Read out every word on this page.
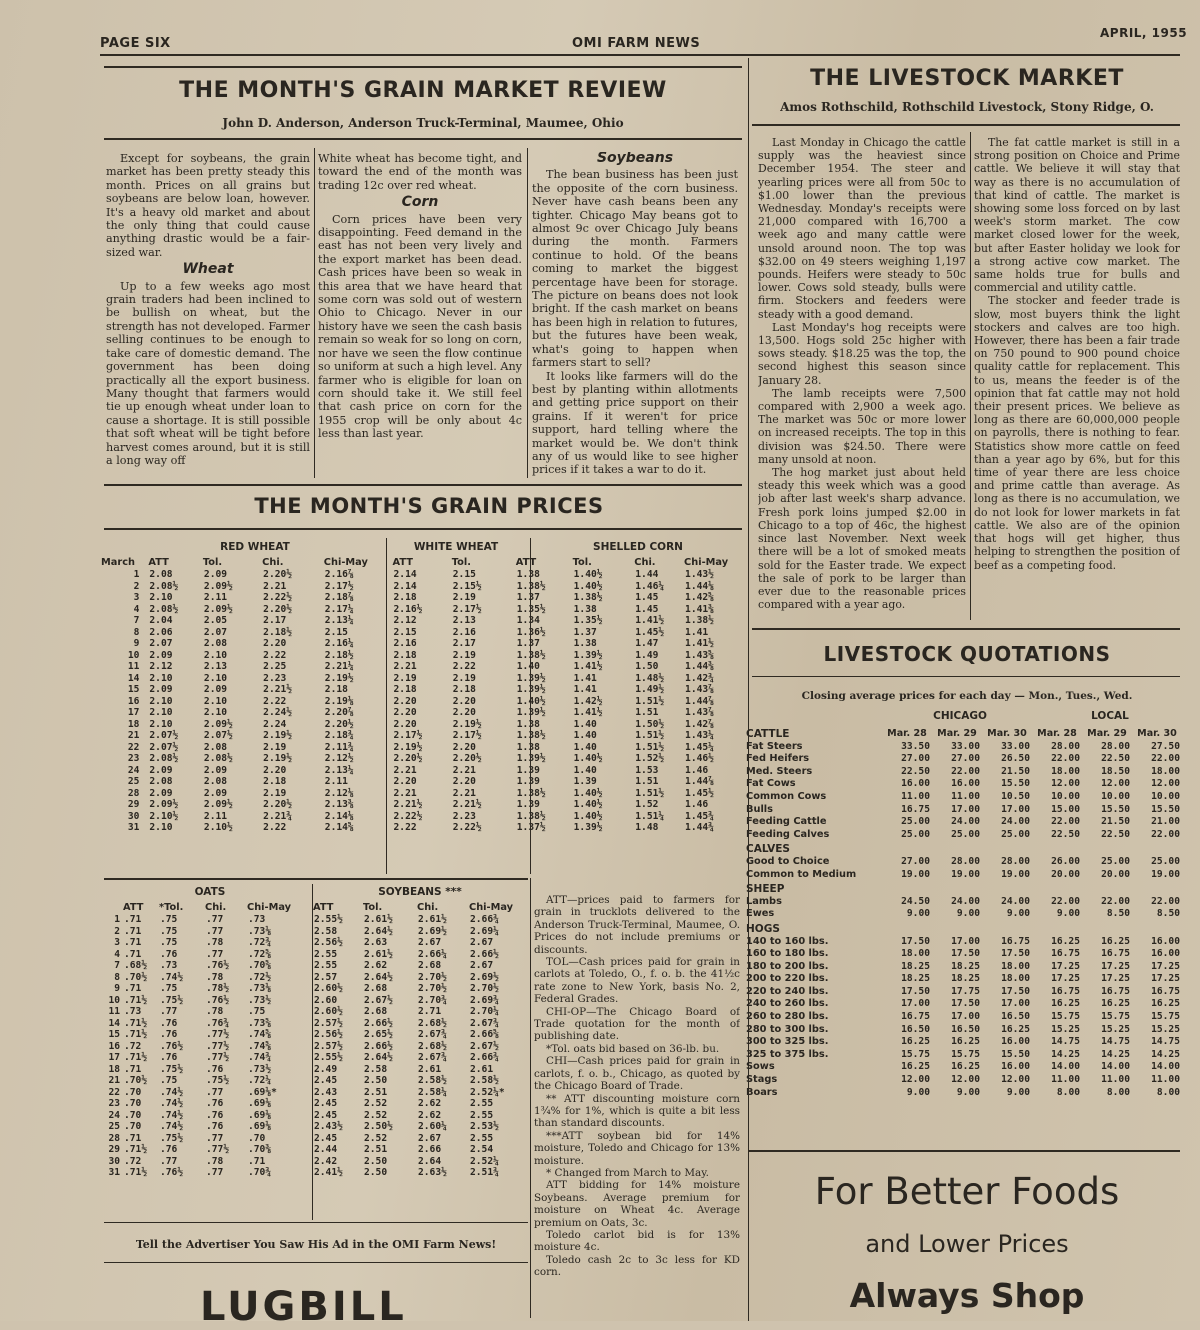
PAGE SIX	OMI FARM NEWS
APRIL, 1955
THE MONTH'S GRAIN MARKET REVIEW
John D. Anderson, Anderson Truck-Terminal, Maumee, Ohio

Except for soybeans, the grain market has been pretty steady this month. Prices on all grains but soybeans are below loan, however. It's a heavy old market and about the only thing that could cause anything drastic would be a fair-sized war.

Wheat

Up to a few weeks ago most grain traders had been inclined to be bullish on wheat, but the strength has not developed. Farmer selling continues to be enough to take care of domestic demand. The government has been doing practically all the export business. Many thought that farmers would tie up enough wheat under loan to cause a shortage. It is still possible that soft wheat will be tight before harvest comes around, but it is still a long way off

White wheat has become tight, and toward the end of the month was trading 12c over red wheat.

Corn

Corn prices have been very disappointing. Feed demand in the east has not been very lively and the export market has been dead. Cash prices have been so weak in this area that we have heard that some corn was sold out of western Ohio to Chicago. Never in our history have we seen the cash basis remain so weak for so long on corn, nor have we seen the flow continue so uniform at such a high level. Any farmer who is eligible for loan on corn should take it. We still feel that cash price on corn for the 1955 crop will be only about 4c less than last year.

Soybeans

The bean business has been just the opposite of the corn business. Never have cash beans been any tighter. Chicago May beans got to almost 9c over Chicago July beans during the month. Farmers continue to hold. Of the beans coming to market the biggest percentage have been for storage. The picture on beans does not look bright. If the cash market on beans has been high in relation to futures, but the futures have been weak, what's going to happen when farmers start to sell?

It looks like farmers will do the best by planting within allotments and getting price support on their grains. If it weren't for price support, hard telling where the market would be. We don't think any of us would like to see higher prices if it takes a war to do it.

THE MONTH'S GRAIN PRICES
RED WHEAT	WHITE WHEAT	SHELLED CORN
March	ATT	Tol.	Chi.	Chi-May	ATT	Tol.	ATT	Tol.	Chi.	Chi-May
1	2.08	2.09	2.20½	2.16⅞	2.14	2.15	1.38	1.40½	1.44	1.43½
2	2.08½	2.09½	2.21	2.17½	2.14	2.15½	1.38½	1.40½	1.46¼	1.44⅛
3	2.10	2.11	2.22½	2.18⅞	2.18	2.19	1.37	1.38½	1.45	1.42⅝
4	2.08½	2.09½	2.20½	2.17¼	2.16½	2.17½	1.35½	1.38	1.45	1.41⅜
7	2.04	2.05	2.17	2.13¼	2.12	2.13	1.34	1.35½	1.41½	1.38½
8	2.06	2.07	2.18½	2.15	2.15	2.16	1.36½	1.37	1.45½	1.41
9	2.07	2.08	2.20	2.16¼	2.16	2.17	1.37	1.38	1.47	1.41½
10	2.09	2.10	2.22	2.18½	2.18	2.19	1.38½	1.39½	1.49	1.43⅝
11	2.12	2.13	2.25	2.21¼	2.21	2.22	1.40	1.41½	1.50	1.44⅜
14	2.10	2.10	2.23	2.19½	2.19	2.19	1.39½	1.41	1.48½	1.42¾
15	2.09	2.09	2.21½	2.18	2.18	2.18	1.39½	1.41	1.49½	1.43⅞
16	2.10	2.10	2.22	2.19⅛	2.20	2.20	1.40½	1.42½	1.51½	1.44⅞
17	2.10	2.10	2.24½	2.20⅞	2.20	2.20	1.39½	1.41½	1.51	1.43⅞
18	2.10	2.09½	2.24	2.20½	2.20	2.19½	1.38	1.40	1.50½	1.42⅞
21	2.07½	2.07½	2.19½	2.18¾	2.17½	2.17½	1.38½	1.40	1.51½	1.43¼
22	2.07½	2.08	2.19	2.11¾	2.19½	2.20	1.38	1.40	1.51½	1.45¼
23	2.08½	2.08½	2.19½	2.12½	2.20½	2.20½	1.39½	1.40½	1.52½	1.46½
24	2.09	2.09	2.20	2.13¼	2.21	2.21	1.39	1.40	1.53	1.46
25	2.08	2.08	2.18	2.11	2.20	2.20	1.39	1.39	1.51	1.44⅞
28	2.09	2.09	2.19	2.12⅛	2.21	2.21	1.38½	1.40½	1.51½	1.45½
29	2.09½	2.09½	2.20½	2.13⅜	2.21½	2.21½	1.39	1.40½	1.52	1.46
30	2.10½	2.11	2.21¾	2.14⅛	2.22½	2.23	1.38½	1.40½	1.51¼	1.45¾
31	2.10	2.10½	2.22	2.14⅝	2.22	2.22½	1.37½	1.39½	1.48	1.44¾
OATS	SOYBEANS ***
	ATT	*Tol.	Chi.	Chi-May	ATT	Tol.	Chi.	Chi-May
1	.71	.75	.77	.73	2.55½	2.61½	2.61½	2.66¾
2	.71	.75	.77	.73⅛	2.58	2.64½	2.69½	2.69¼
3	.71	.75	.78	.72¾	2.56½	2.63	2.67	2.67
4	.71	.76	.77	.72⅝	2.55	2.61½	2.66¼	2.66½
7	.68½	.73	.76½	.70⅝	2.55	2.62	2.68	2.67
8	.70½	.74½	.78	.72½	2.57	2.64½	2.70½	2.69½
9	.71	.75	.78½	.73⅛	2.60½	2.68	2.70½	2.70½
10	.71½	.75½	.76½	.73½	2.60	2.67½	2.70¾	2.69¾
11	.73	.77	.78	.75	2.60½	2.68	2.71	2.70¼
14	.71½	.76	.76¾	.73⅝	2.57½	2.66½	2.68½	2.67¾
15	.71½	.76	.77½	.74⅝	2.56½	2.65½	2.67¾	2.66⅝
16	.72	.76½	.77½	.74⅝	2.57½	2.66½	2.68½	2.67½
17	.71½	.76	.77½	.74¾	2.55½	2.64½	2.67¾	2.66¾
18	.71	.75½	.76	.73½	2.49	2.58	2.61	2.61
21	.70½	.75	.75½	.72¼	2.45	2.50	2.58½	2.58½
22	.70	.74½	.77	.69⅛*	2.43	2.51	2.58¼	2.52¼*
23	.70	.74½	.76	.69⅛	2.45	2.52	2.62	2.55
24	.70	.74½	.76	.69⅛	2.45	2.52	2.62	2.55
25	.70	.74½	.76	.69⅛	2.43½	2.50½	2.60¼	2.53½
28	.71	.75½	.77	.70	2.45	2.52	2.67	2.55
29	.71½	.76	.77½	.70⅜	2.44	2.51	2.66	2.54
30	.72	.77	.78	.71	2.42	2.50	2.64	2.52¼
31	.71½	.76½	.77	.70¾	2.41½	2.50	2.63½	2.51¾
Tell the Advertiser You Saw His Ad in the OMI Farm News!
LUGBILL

ATT—prices paid to farmers for grain in trucklots delivered to the Anderson Truck-Terminal, Maumee, O. Prices do not include premiums or discounts.

TOL—Cash prices paid for grain in carlots at Toledo, O., f. o. b. the 41½c rate zone to New York, basis No. 2, Federal Grades.

CHI-OP—The Chicago Board of Trade quotation for the month of publishing date.

*Tol. oats bid based on 36-lb. bu.

CHI—Cash prices paid for grain in carlots, f. o. b., Chicago, as quoted by the Chicago Board of Trade.

** ATT discounting moisture corn 1¾% for 1%, which is quite a bit less than standard discounts.

***ATT soybean bid for 14% moisture, Toledo and Chicago for 13% moisture.

* Changed from March to May.

ATT bidding for 14% moisture Soybeans. Average premium for moisture on Wheat 4c. Average premium on Oats, 3c.

Toledo carlot bid is for 13% moisture 4c.

Toledo cash 2c to 3c less for KD corn.

THE LIVESTOCK MARKET
Amos Rothschild, Rothschild Livestock, Stony Ridge, O.

Last Monday in Chicago the cattle supply was the heaviest since December 1954. The steer and yearling prices were all from 50c to $1.00 lower than the previous Wednesday. Monday's receipts were 21,000 compared with 16,700 a week ago and many cattle were unsold around noon. The top was $32.00 on 49 steers weighing 1,197 pounds. Heifers were steady to 50c lower. Cows sold steady, bulls were firm. Stockers and feeders were steady with a good demand.

Last Monday's hog receipts were 13,500. Hogs sold 25c higher with sows steady. $18.25 was the top, the second highest this season since January 28.

The lamb receipts were 7,500 compared with 2,900 a week ago. The market was 50c or more lower on increased receipts. The top in this division was $24.50. There were many unsold at noon.

The hog market just about held steady this week which was a good job after last week's sharp advance. Fresh pork loins jumped $2.00 in Chicago to a top of 46c, the highest since last November. Next week there will be a lot of smoked meats sold for the Easter trade. We expect the sale of pork to be larger than ever due to the reasonable prices compared with a year ago.

The fat cattle market is still in a strong position on Choice and Prime cattle. We believe it will stay that way as there is no accumulation of that kind of cattle. The market is showing some loss forced on by last week's storm market. The cow market closed lower for the week, but after Easter holiday we look for a strong active cow market. The same holds true for bulls and commercial and utility cattle.

The stocker and feeder trade is slow, most buyers think the light stockers and calves are too high. However, there has been a fair trade on 750 pound to 900 pound choice quality cattle for replacement. This to us, means the feeder is of the opinion that fat cattle may not hold their present prices. We believe as long as there are 60,000,000 people on payrolls, there is nothing to fear. Statistics show more cattle on feed than a year ago by 6%, but for this time of year there are less choice and prime cattle than average. As long as there is no accumulation, we do not look for lower markets in fat cattle. We also are of the opinion that hogs will get higher, thus helping to strengthen the position of beef as a competing food.

LIVESTOCK QUOTATIONS
Closing average prices for each day — Mon., Tues., Wed.
CHICAGO	LOCAL
CATTLE	Mar. 28	Mar. 29	Mar. 30	Mar. 28	Mar. 29	Mar. 30
Fat Steers	33.50	33.00	33.00	28.00	28.00	27.50
Fed Heifers	27.00	27.00	26.50	22.00	22.50	22.00
Med. Steers	22.50	22.00	21.50	18.00	18.50	18.00
Fat Cows	16.00	16.00	15.50	12.00	12.00	12.00
Common Cows	11.00	11.00	10.50	10.00	10.00	10.00
Bulls	16.75	17.00	17.00	15.00	15.50	15.50
Feeding Cattle	25.00	24.00	24.00	22.00	21.50	21.00
Feeding Calves	25.00	25.00	25.00	22.50	22.50	22.00
CALVES						
Good to Choice	27.00	28.00	28.00	26.00	25.00	25.00
Common to Medium	19.00	19.00	19.00	20.00	20.00	19.00
SHEEP						
Lambs	24.50	24.00	24.00	22.00	22.00	22.00
Ewes	9.00	9.00	9.00	9.00	8.50	8.50
HOGS						
140 to 160 lbs.	17.50	17.00	16.75	16.25	16.25	16.00
160 to 180 lbs.	18.00	17.50	17.50	16.75	16.75	16.00
180 to 200 lbs.	18.25	18.25	18.00	17.25	17.25	17.25
200 to 220 lbs.	18.25	18.25	18.00	17.25	17.25	17.25
220 to 240 lbs.	17.50	17.75	17.50	16.75	16.75	16.75
240 to 260 lbs.	17.00	17.50	17.00	16.25	16.25	16.25
260 to 280 lbs.	16.75	17.00	16.50	15.75	15.75	15.75
280 to 300 lbs.	16.50	16.50	16.25	15.25	15.25	15.25
300 to 325 lbs.	16.25	16.25	16.00	14.75	14.75	14.75
325 to 375 lbs.	15.75	15.75	15.50	14.25	14.25	14.25
Sows	16.25	16.25	16.00	14.00	14.00	14.00
Stags	12.00	12.00	12.00	11.00	11.00	11.00
Boars	9.00	9.00	9.00	8.00	8.00	8.00
For Better Foods
and Lower Prices
Always Shop
